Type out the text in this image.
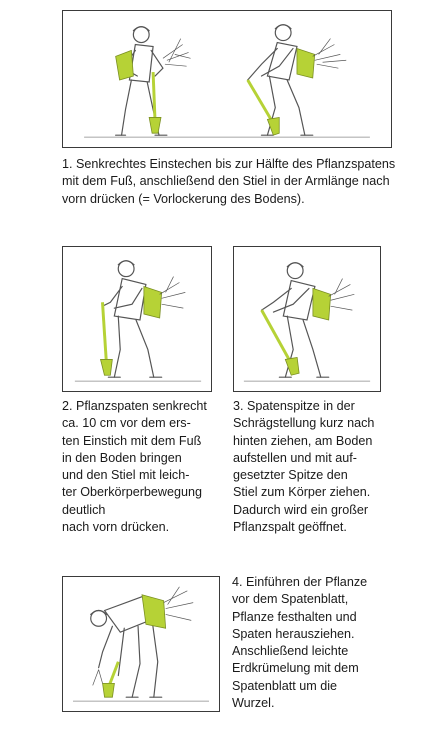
1. Senkrechtes Einstechen bis zur Hälfte des Pflanzspatens
mit dem Fuß, anschließend den Stiel in der Armlänge nach
vorn drücken (= Vorlockerung des Bodens).

2. Pflanzspaten senkrecht
ca. 10 cm vor dem ers-
ten Einstich mit dem Fuß
in den Boden bringen
und den Stiel mit leich-
ter Oberkörperbewegung
deutlich
nach vorn drücken.

3. Spatenspitze in der
Schrägstellung kurz nach
hinten ziehen, am Boden
aufstellen und mit auf-
gesetzter Spitze den
Stiel zum Körper ziehen.
Dadurch wird ein großer
Pflanzspalt geöffnet.

4. Einführen der Pflanze
vor dem Spatenblatt,
Pflanze festhalten und
Spaten herausziehen.
Anschließend leichte
Erdkrümelung mit dem
Spatenblatt um die
Wurzel.
